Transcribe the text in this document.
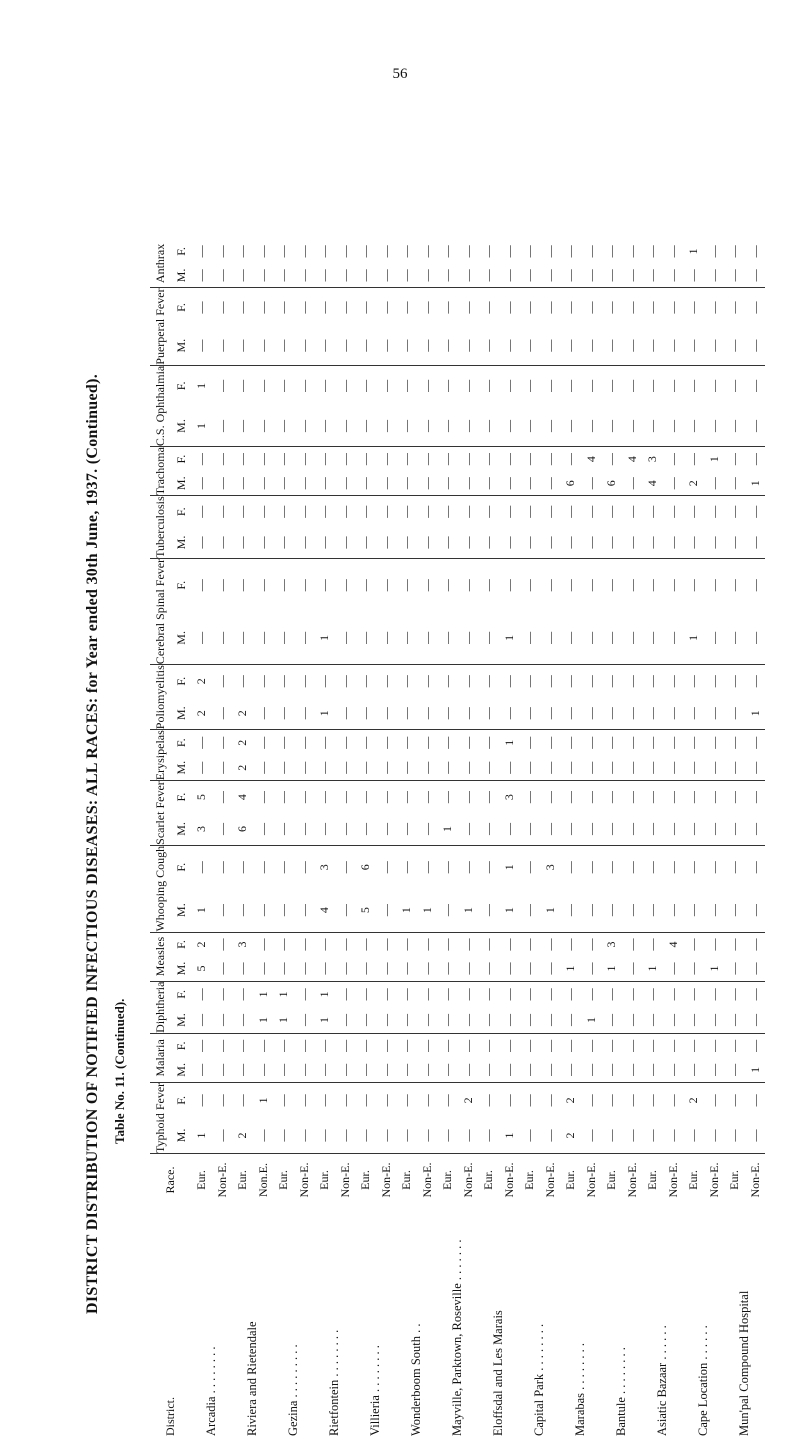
56
DISTRICT DISTRIBUTION OF NOTIFIED INFECTIOUS DISEASES: ALL RACES: for Year ended 30th June, 1937. (Continued). Table No. 11. (Continued).
District.	Race.	Typhoid Fever		Malaria		Diphtheria		Measles		Whooping Cough		Scarlet Fever		Erysipelas		Poliomyelitis		Cerebral Spinal Fever		Tuberculosis		Trachoma		C.S. Ophthalmia		Puerperal Fever		Anthrax	
		M.	F.	M.	F.	M.	F.	M.	F.	M.	F.	M.	F.	M.	F.	M.	F.	M.	F.	M.	F.	M.	F.	M.	F.	M.	F.	M.	F.
Arcadia . . . . . . . .	Eur.	1	—	—	—	—	—	5	2	1	—	3	5	—	—	2	2	—	—	—	—	—	—	1	1	—	—	—	—
	Non-E.	—	—	—	—	—	—	—	—	—	—	—	—	—	—	—	—	—	—	—	—	—	—	—	—	—	—	—	—
Riviera and Rietendale	Eur.	2	—	—	—	—	—	—	3	—	—	6	4	2	2	2	—	—	—	—	—	—	—	—	—	—	—	—	—
	Non.E.	—	1	—	—	1	1	—	—	—	—	—	—	—	—	—	—	—	—	—	—	—	—	—	—	—	—	—	—
Gezina . . . . . . . . .	Eur.	—	—	—	—	1	1	—	—	—	—	—	—	—	—	—	—	—	—	—	—	—	—	—	—	—	—	—	—
	Non-E.	—	—	—	—	—	—	—	—	—	—	—	—	—	—	—	—	—	—	—	—	—	—	—	—	—	—	—	—
Rietfontein . . . . . . . .	Eur.	—	—	—	—	1	1	—	—	4	3	—	—	—	—	1	—	1	—	—	—	—	—	—	—	—	—	—	—
	Non-E.	—	—	—	—	—	—	—	—	—	—	—	—	—	—	—	—	—	—	—	—	—	—	—	—	—	—	—	—
Villieria . . . . . . . .	Eur.	—	—	—	—	—	—	—	—	5	6	—	—	—	—	—	—	—	—	—	—	—	—	—	—	—	—	—	—
	Non-E.	—	—	—	—	—	—	—	—	—	—	—	—	—	—	—	—	—	—	—	—	—	—	—	—	—	—	—	—
Wonderboom South . .	Eur.	—	—	—	—	—	—	—	—	1	—	—	—	—	—	—	—	—	—	—	—	—	—	—	—	—	—	—	—
	Non-E.	—	—	—	—	—	—	—	—	1	—	—	—	—	—	—	—	—	—	—	—	—	—	—	—	—	—	—	—
Mayville, Parktown, Roseville . . . . . . .	Eur.	—	—	—	—	—	—	—	—	—	—	1	—	—	—	—	—	—	—	—	—	—	—	—	—	—	—	—	—
	Non-E.	—	2	—	—	—	—	—	—	1	—	—	—	—	—	—	—	—	—	—	—	—	—	—	—	—	—	—	—
Eloffsdal and Les Marais	Eur.	—	—	—	—	—	—	—	—	—	—	—	—	—	—	—	—	—	—	—	—	—	—	—	—	—	—	—	—
	Non-E.	1	—	—	—	—	—	—	—	1	1	—	3	—	1	—	—	1	—	—	—	—	—	—	—	—	—	—	—
Capital Park . . . . . . . .	Eur.	—	—	—	—	—	—	—	—	—	—	—	—	—	—	—	—	—	—	—	—	—	—	—	—	—	—	—	—
	Non-E.	—	—	—	—	—	—	—	—	1	3	—	—	—	—	—	—	—	—	—	—	—	—	—	—	—	—	—	—
Marabas . . . . . . . .	Eur.	2	2	—	—	—	—	1	—	—	—	—	—	—	—	—	—	—	—	—	—	6	—	—	—	—	—	—	—
	Non-E.	—	—	—	—	1	—	—	—	—	—	—	—	—	—	—	—	—	—	—	—	—	4	—	—	—	—	—	—
Bantule . . . . . . . .	Eur.	—	—	—	—	—	—	1	3	—	—	—	—	—	—	—	—	—	—	—	—	6	—	—	—	—	—	—	—
	Non-E.	—	—	—	—	—	—	—	—	—	—	—	—	—	—	—	—	—	—	—	—	—	4	—	—	—	—	—	—
Asiatic Bazaar . . . . . .	Eur.	—	—	—	—	—	—	1	—	—	—	—	—	—	—	—	—	—	—	—	—	4	3	—	—	—	—	—	—
	Non-E.	—	—	—	—	—	—	—	4	—	—	—	—	—	—	—	—	—	—	—	—	—	—	—	—	—	—	—	—
Cape Location . . . . . .	Eur.	—	2	—	—	—	—	—	—	—	—	—	—	—	—	—	—	1	—	—	—	2	—	—	—	—	—	—	1
	Non-E.	—	—	—	—	—	—	1	—	—	—	—	—	—	—	—	—	—	—	—	—	—	1	—	—	—	—	—	—
Mun'pal Compound Hospital	Eur.	—	—	—	—	—	—	—	—	—	—	—	—	—	—	—	—	—	—	—	—	—	—	—	—	—	—	—	—
	Non-E.	—	—	1	—	—	—	—	—	—	—	—	—	—	—	1	—	—	—	—	—	1	—	—	—	—	—	—	—
